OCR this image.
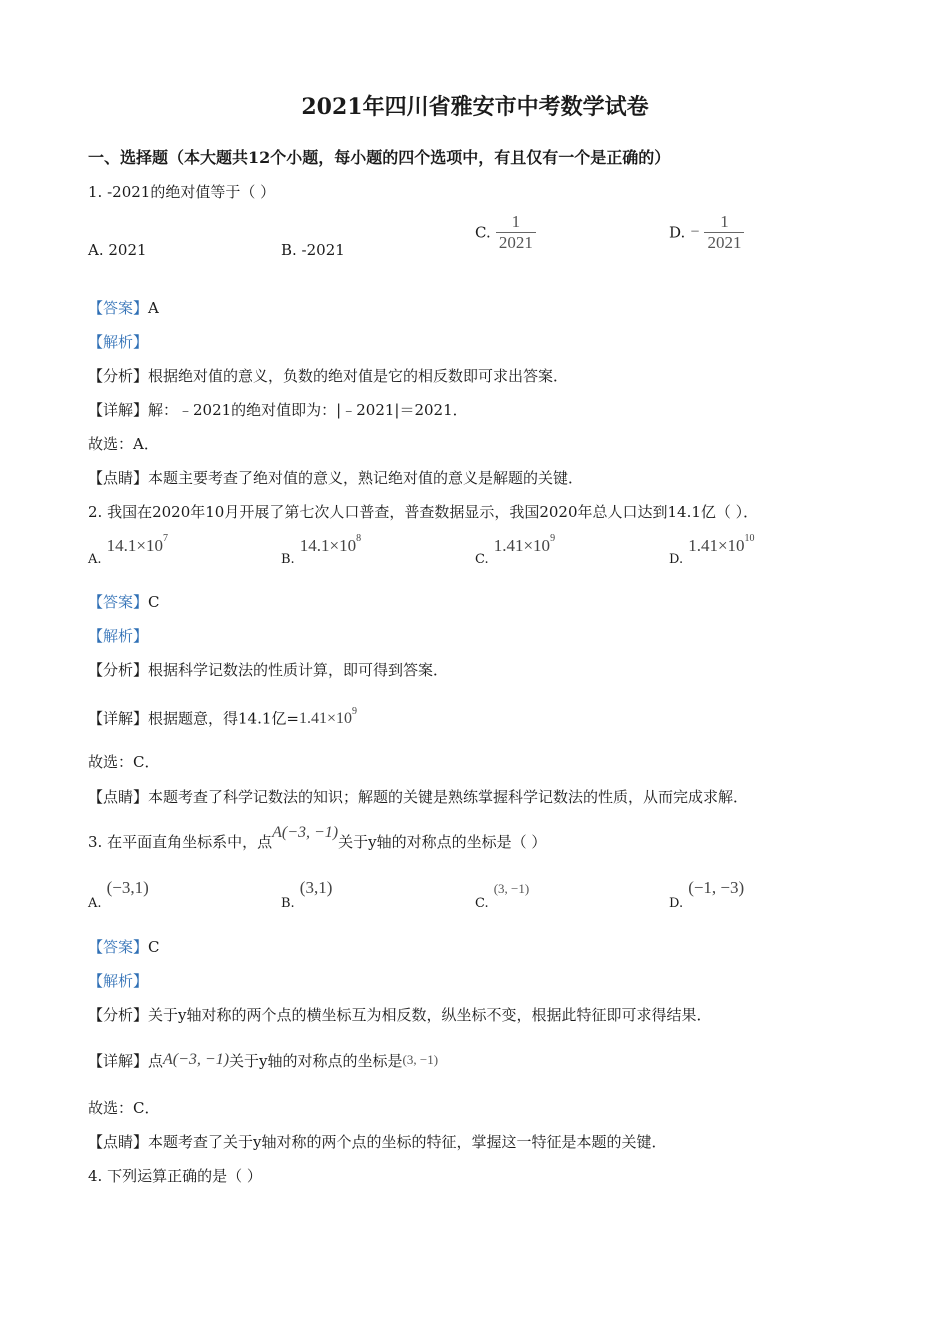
2021年四川省雅安市中考数学试卷
一、选择题（本大题共12个小题，每小题的四个选项中，有且仅有一个是正确的）
1. -2021的绝对值等于（ ）
A. 2021	B. -2021
C. $\frac{1}{2021}$	D. − $\frac{1}{2021}$
【答案】A
【解析】
【分析】根据绝对值的意义，负数的绝对值是它的相反数即可求出答案．
【详解】解：﹣2021的绝对值即为：|﹣2021|＝2021．
故选：A．
【点睛】本题主要考查了绝对值的意义，熟记绝对值的意义是解题的关键．
2. 我国在2020年10月开展了第七次人口普查，普查数据显示，我国2020年总人口达到14.1亿（ ）．
$_{A.}$ $14.1\times 10^7$
$_{B.}$ $14.1\times 10^8$
$_{C.}$ $1.41\times 10^9$
$_{D.}$ $1.41\times 10^{10}$
【答案】C
【解析】
【分析】根据科学记数法的性质计算，即可得到答案．
【详解】根据题意，得14.1亿$=1.41\times 10^9$
故选：C．
【点睛】本题考查了科学记数法的知识；解题的关键是熟练掌握科学记数法的性质，从而完成求解．
3. 在平面直角坐标系中，点A(−3, −1)关于y轴的对称点的坐标是（ ）
$_{A.}$ (−3,1)
$_{B.}$ (3,1)
$_{C.}$ (3, −1)
$_{D.}$ (−1, −3)
【答案】C
【解析】
【分析】关于y轴对称的两个点的横坐标互为相反数，纵坐标不变，根据此特征即可求得结果．
【详解】点A(−3, −1)关于y轴的对称点的坐标是(3, −1)
故选：C．
【点睛】本题考查了关于y轴对称的两个点的坐标的特征，掌握这一特征是本题的关键．
4. 下列运算正确的是（ ）
